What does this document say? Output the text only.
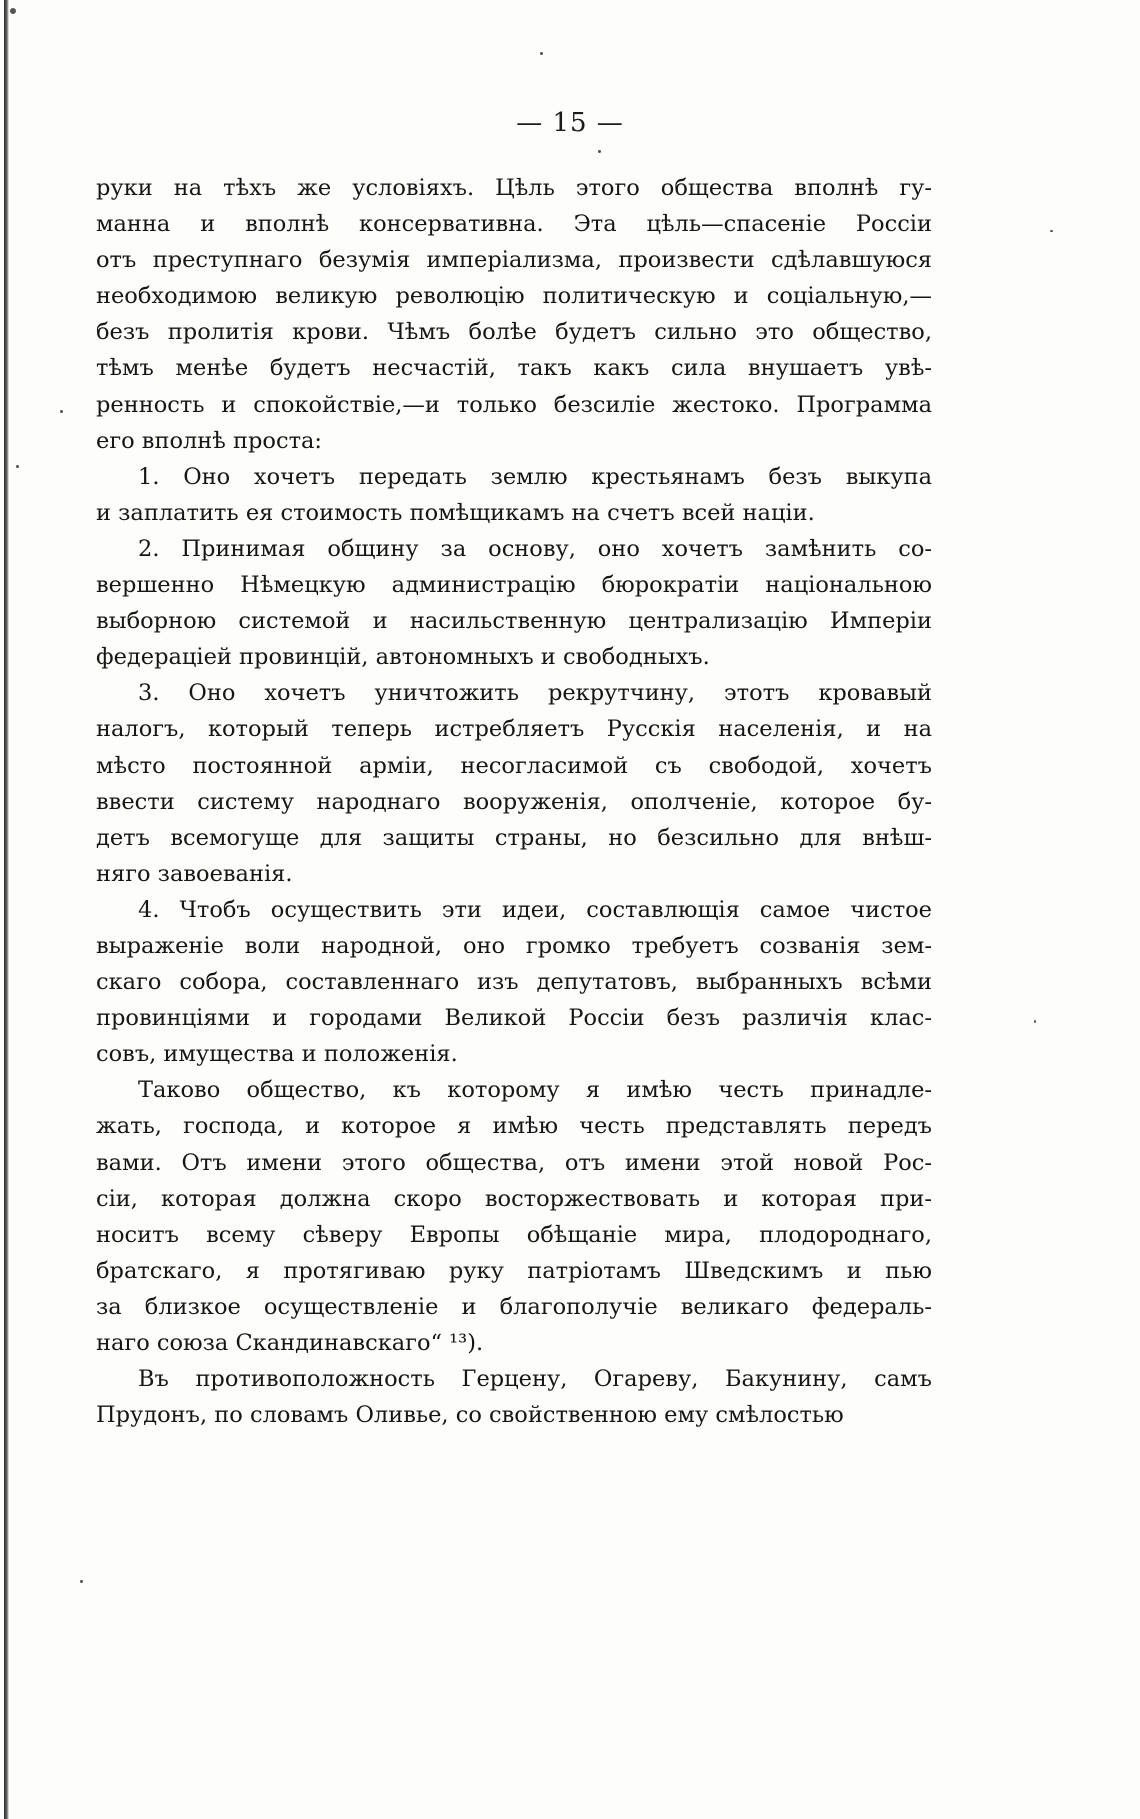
— 15 —
руки на тѣхъ же условіяхъ. Цѣль этого общества вполнѣ гу-
манна и вполнѣ консервативна. Эта цѣль—спасеніе Россіи
отъ преступнаго безумія имперіализма, произвести сдѣлавшуюся
необходимою великую революцію политическую и соціальную,—
безъ пролитія крови. Чѣмъ болѣе будетъ сильно это общество,
тѣмъ менѣе будетъ несчастій, такъ какъ сила внушаетъ увѣ-
ренность и спокойствіе,—и только безсиліе жестоко. Программа
его вполнѣ проста:
1. Оно хочетъ передать землю крестьянамъ безъ выкупа
и заплатить ея стоимость помѣщикамъ на счетъ всей націи.
2. Принимая общину за основу, оно хочетъ замѣнить со-
вершенно Нѣмецкую администрацію бюрократіи національною
выборною системой и насильственную централизацію Имперіи
федераціей провинцій, автономныхъ и свободныхъ.
3. Оно хочетъ уничтожить рекрутчину, этотъ кровавый
налогъ, который теперь истребляетъ Русскія населенія, и на
мѣсто постоянной арміи, несогласимой съ свободой, хочетъ
ввести систему народнаго вооруженія, ополченіе, которое бу-
детъ всемогуще для защиты страны, но безсильно для внѣш-
няго завоеванія.
4. Чтобъ осуществить эти идеи, составлющія самое чистое
выраженіе воли народной, оно громко требуетъ созванія зем-
скаго собора, составленнаго изъ депутатовъ, выбранныхъ всѣми
провинціями и городами Великой Россіи безъ различія клас-
совъ, имущества и положенія.
Таково общество, къ которому я имѣю честь принадле-
жать, господа, и которое я имѣю честь представлять передъ
вами. Отъ имени этого общества, отъ имени этой новой Рос-
сіи, которая должна скоро восторжествовать и которая при-
носитъ всему сѣверу Европы обѣщаніе мира, плодороднаго,
братскаго, я протягиваю руку патріотамъ Шведскимъ и пью
за близкое осуществленіе и благополучіе великаго федераль-
наго союза Скандинавскаго“ ¹³).
Въ противоположность Герцену, Огареву, Бакунину, самъ
Прудонъ, по словамъ Оливье, со свойственною ему смѣлостью
